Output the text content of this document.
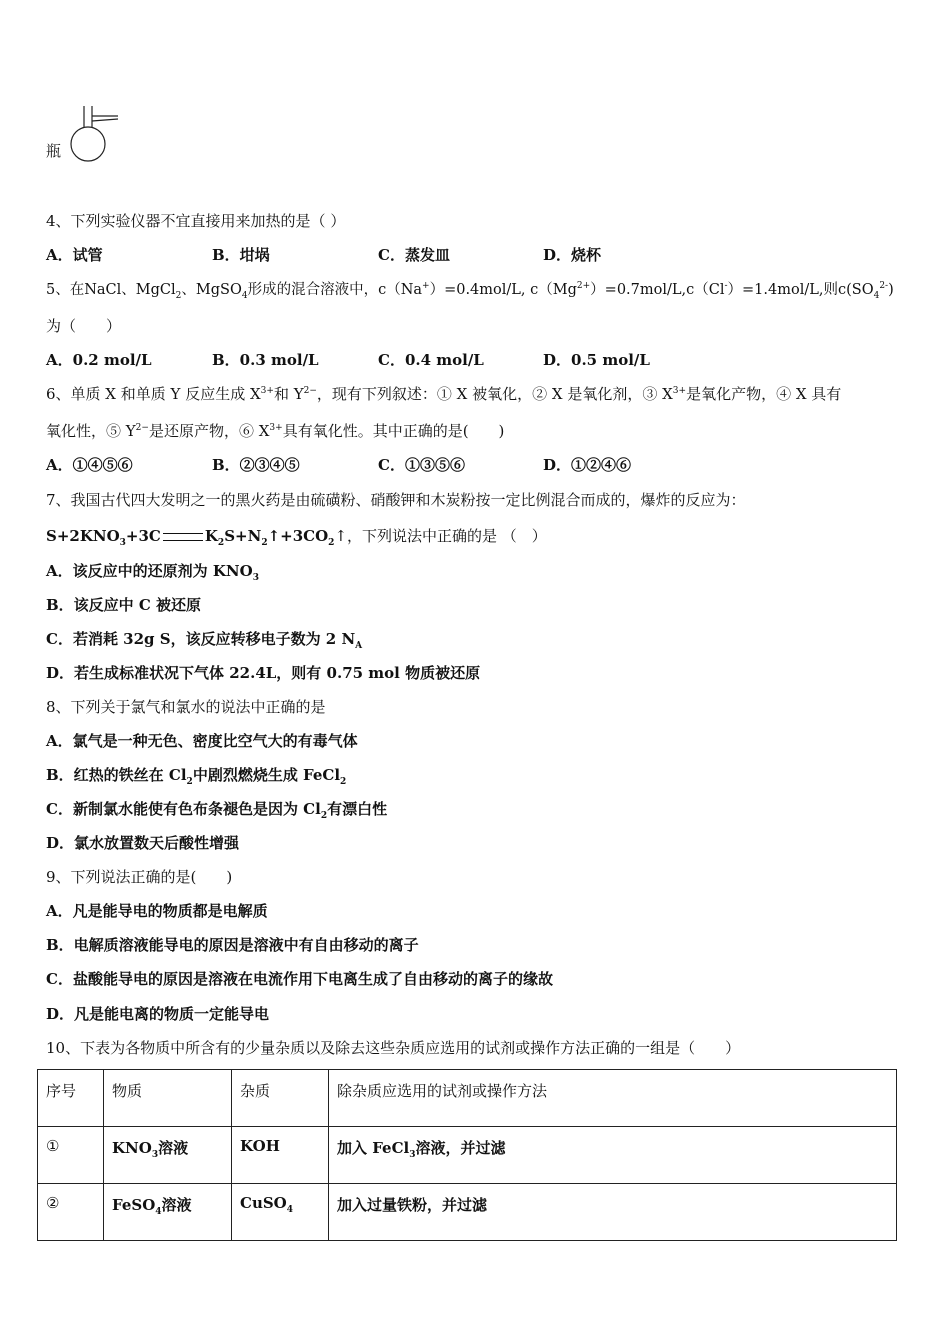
瓶
4、下列实验仪器不宜直接用来加热的是（ ）
A．试管	B．坩埚	C．蒸发皿	D．烧杯
5、在NaCl、MgCl$_2$、MgSO$_4$形成的混合溶液中，c（Na+）=0.4mol/L, $c(Mg^{2+})=0.7mol/L,c(Cl^-)=1.4mol/L$,则$c(SO_4^{2-})$
为（　　）
A．0.2 mol/L	B．0.3 mol/L	C．0.4 mol/L	D．0.5 mol/L
6、单质 X 和单质 Y 反应生成 $X^{3+}$和 $Y^{2-}$，现有下列叙述：① X 被氧化，② X 是氧化剂，③ $X^{3+}$是氧化产物，④ X 具有
氧化性，⑤ $Y^{2-}$是还原产物，⑥ $X^{3+}$具有氧化性。其中正确的是(　　)
A．①④⑤⑥	B．②③④⑤	C．①③⑤⑥	D．①②④⑥
7、我国古代四大发明之一的黑火药是由硫磺粉、硝酸钾和木炭粉按一定比例混合而成的，爆炸的反应为：
$S+2KNO_3+3C$	$K_2S+N_2↑+3CO_2↑$，下列说法中正确的是 （　）
A．该反应中的还原剂为 $KNO_3$
B．该反应中 C 被还原
C．若消耗 32g S，该反应转移电子数为 2 $N_A$
D．若生成标准状况下气体 22.4L，则有 0.75 mol 物质被还原
8、下列关于氯气和氯水的说法中正确的是
A．氯气是一种无色、密度比空气大的有毒气体
B．红热的铁丝在 $Cl_2$中剧烈燃烧生成 FeCl$_2$
C．新制氯水能使有色布条褪色是因为 $Cl_2$有漂白性
D．氯水放置数天后酸性增强
9、下列说法正确的是(　　)
A．凡是能导电的物质都是电解质
B．电解质溶液能导电的原因是溶液中有自由移动的离子
C．盐酸能导电的原因是溶液在电流作用下电离生成了自由移动的离子的缘故
D．凡是能电离的物质一定能导电
10、下表为各物质中所含有的少量杂质以及除去这些杂质应选用的试剂或操作方法正确的一组是（　　）
序号	物质	杂质	除杂质应选用的试剂或操作方法
①	$KNO_3$溶液	KOH	加入 FeCl$_3$溶液，并过滤
②	FeSO$_4$溶液	CuSO$_4$	加入过量铁粉，并过滤
